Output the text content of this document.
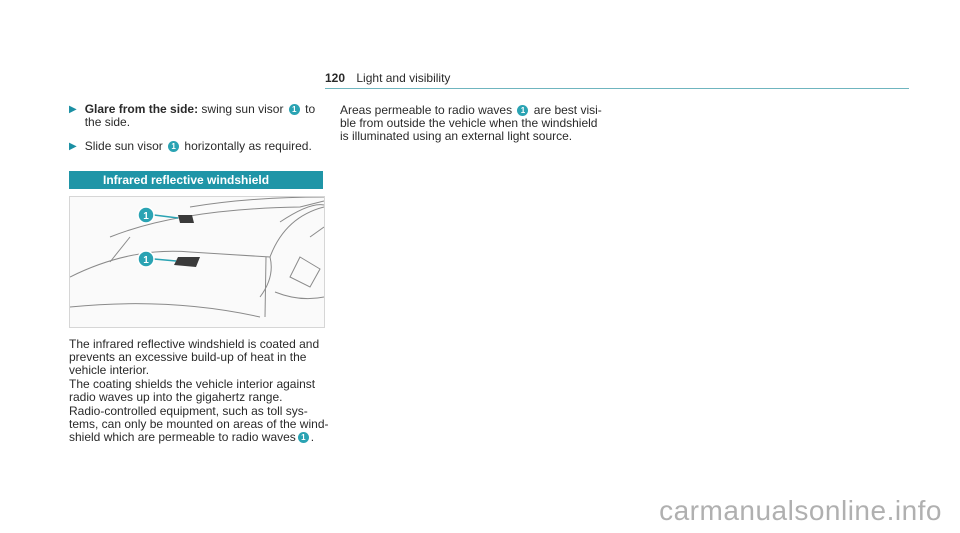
120 Light and visibility
▶ Glare from the side: swing sun visor 1 to
the side.
▶ Slide sun visor 1 horizontally as required.
Infrared reflective windshield
1
1

The infrared reflective windshield is coated and
prevents an excessive build-up of heat in the
vehicle interior.

The coating shields the vehicle interior against
radio waves up into the gigahertz range.

Radio-controlled equipment, such as toll sys-
tems, can only be mounted on areas of the wind-
shield which are permeable to radio waves 1 .

Areas permeable to radio waves 1 are best visi-
ble from outside the vehicle when the windshield
is illuminated using an external light source.
carmanualsonline.info
